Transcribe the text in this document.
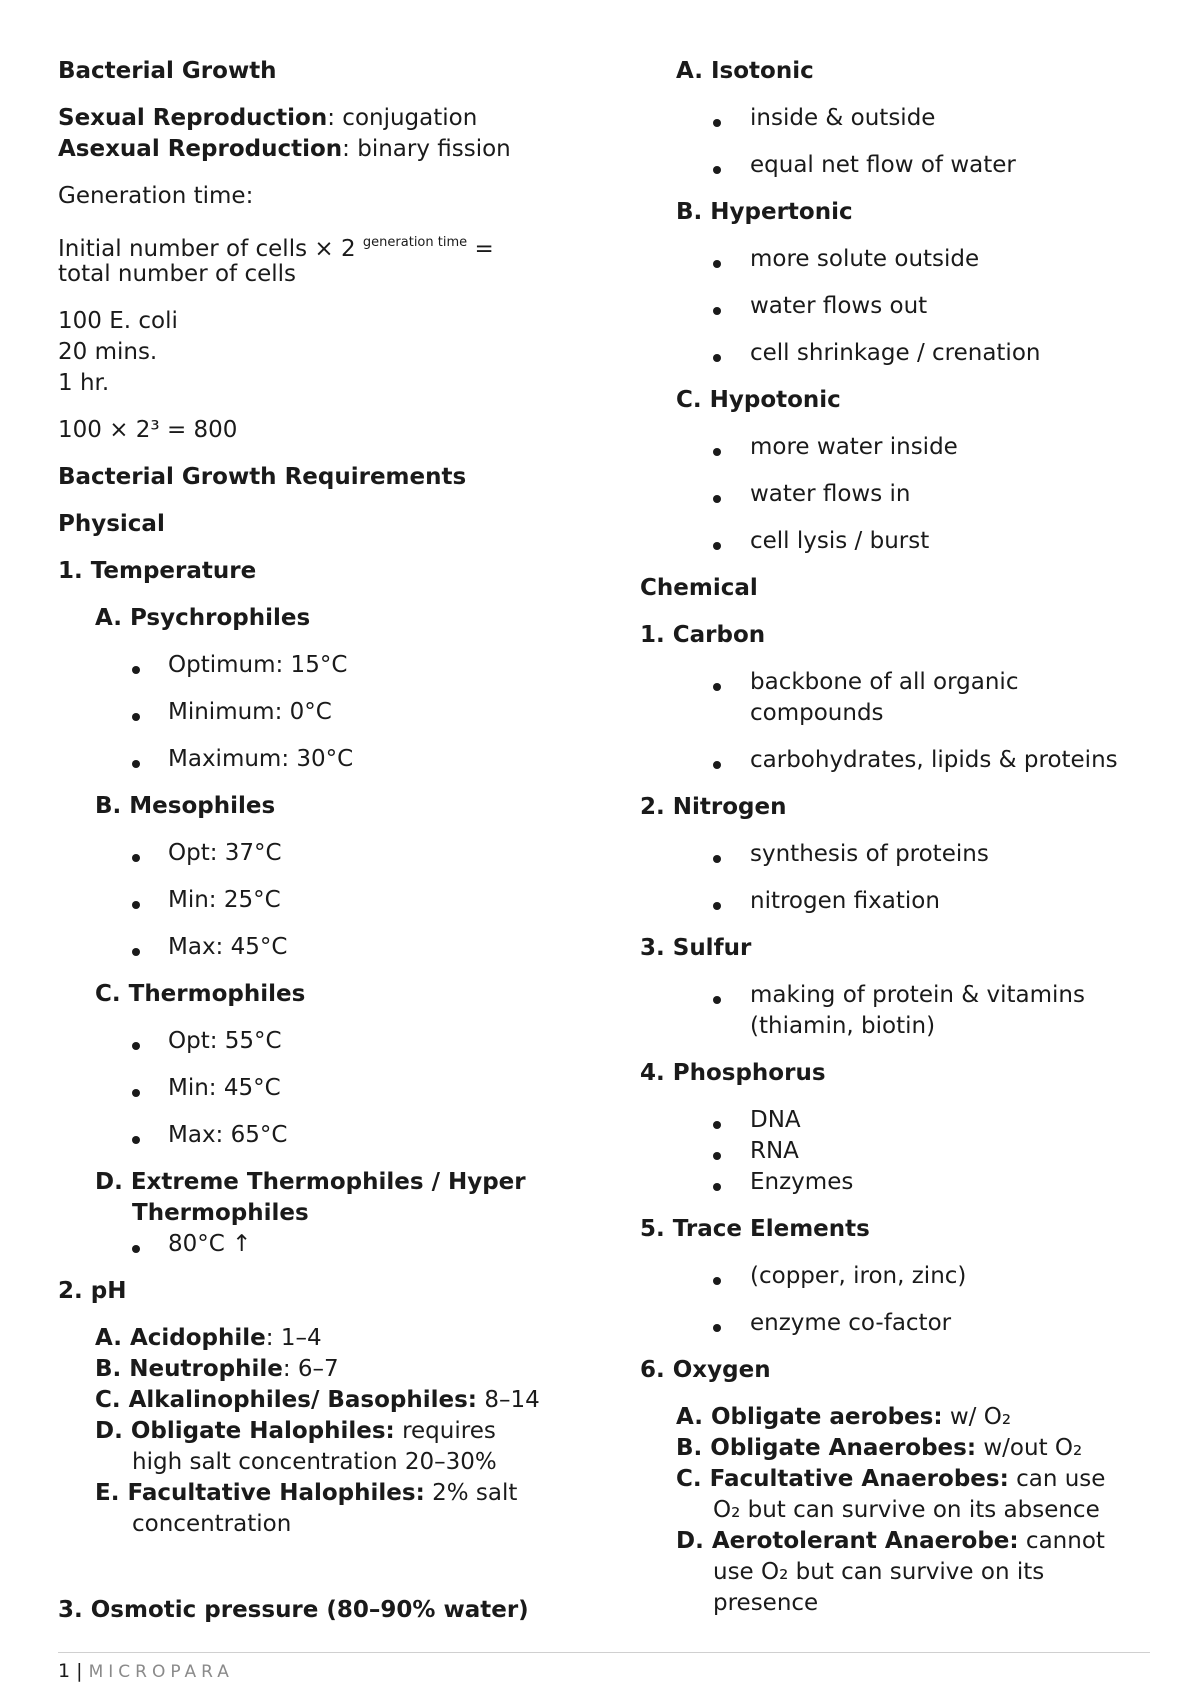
Bacterial Growth
Sexual Reproduction: conjugation
Asexual Reproduction: binary fission
Generation time:
Initial number of cells × 2 $^{generation time}$ =
total number of cells
100 E. coli
20 mins.
1 hr.
100 × 2³ = 800
Bacterial Growth Requirements
Physical
1. Temperature
A. Psychrophiles
Optimum: 15°C
Minimum: 0°C
Maximum: 30°C
B. Mesophiles
Opt: 37°C
Min: 25°C
Max: 45°C
C. Thermophiles
Opt: 55°C
Min: 45°C
Max: 65°C
D. Extreme Thermophiles / Hyper
Thermophiles
80°C ↑
2. pH
A. Acidophile: 1–4
B. Neutrophile: 6–7
C. Alkalinophiles/ Basophiles: 8–14
D. Obligate Halophiles: requires
high salt concentration 20–30%
E. Facultative Halophiles: 2% salt
concentration
3. Osmotic pressure (80–90% water)
A. Isotonic
inside & outside
equal net flow of water
B. Hypertonic
more solute outside
water flows out
cell shrinkage / crenation
C. Hypotonic
more water inside
water flows in
cell lysis / burst
Chemical
1. Carbon
backbone of all organic
compounds
carbohydrates, lipids & proteins
2. Nitrogen
synthesis of proteins
nitrogen fixation
3. Sulfur
making of protein & vitamins
(thiamin, biotin)
4. Phosphorus
DNA
RNA
Enzymes
5. Trace Elements
(copper, iron, zinc)
enzyme co-factor
6. Oxygen
A. Obligate aerobes: w/ O₂
B. Obligate Anaerobes: w/out O₂
C. Facultative Anaerobes: can use
O₂ but can survive on its absence
D. Aerotolerant Anaerobe: cannot
use O₂ but can survive on its
presence
1 | MICROPARA
